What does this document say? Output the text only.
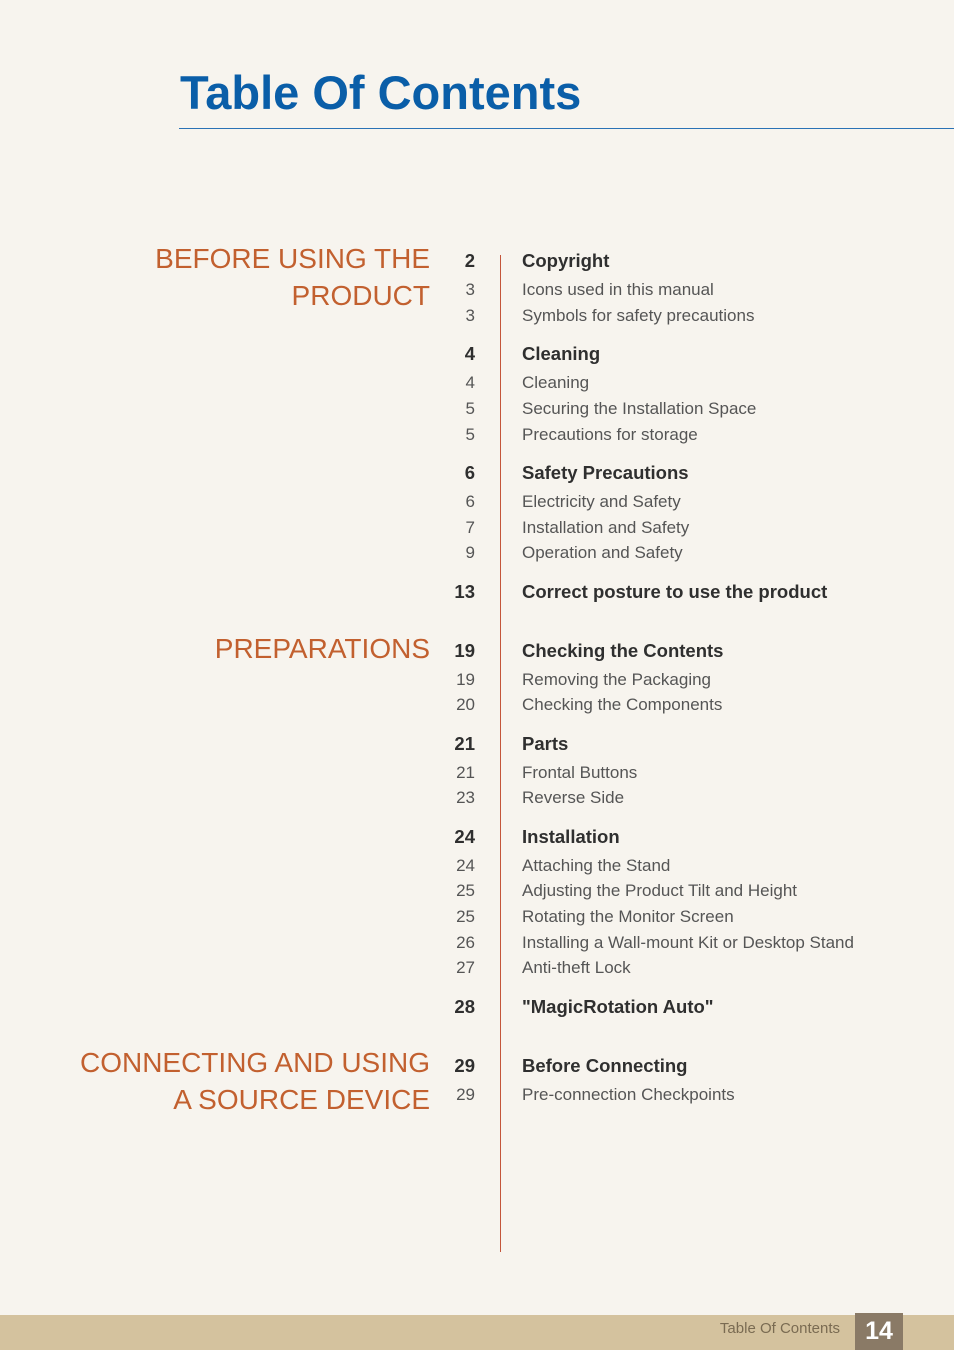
Table Of Contents
BEFORE USING THE
PRODUCT
PREPARATIONS
CONNECTING AND USING
A SOURCE DEVICE
2	Copyright
3	Icons used in this manual
3	Symbols for safety precautions
4	Cleaning
4	Cleaning
5	Securing the Installation Space
5	Precautions for storage
6	Safety Precautions
6	Electricity and Safety
7	Installation and Safety
9	Operation and Safety
13	Correct posture to use the product
19	Checking the Contents
19	Removing the Packaging
20	Checking the Components
21	Parts
21	Frontal Buttons
23	Reverse Side
24	Installation
24	Attaching the Stand
25	Adjusting the Product Tilt and Height
25	Rotating the Monitor Screen
26	Installing a Wall-mount Kit or Desktop Stand
27	Anti-theft Lock
28	"MagicRotation Auto"
29	Before Connecting
29	Pre-connection Checkpoints
Table Of Contents	14
